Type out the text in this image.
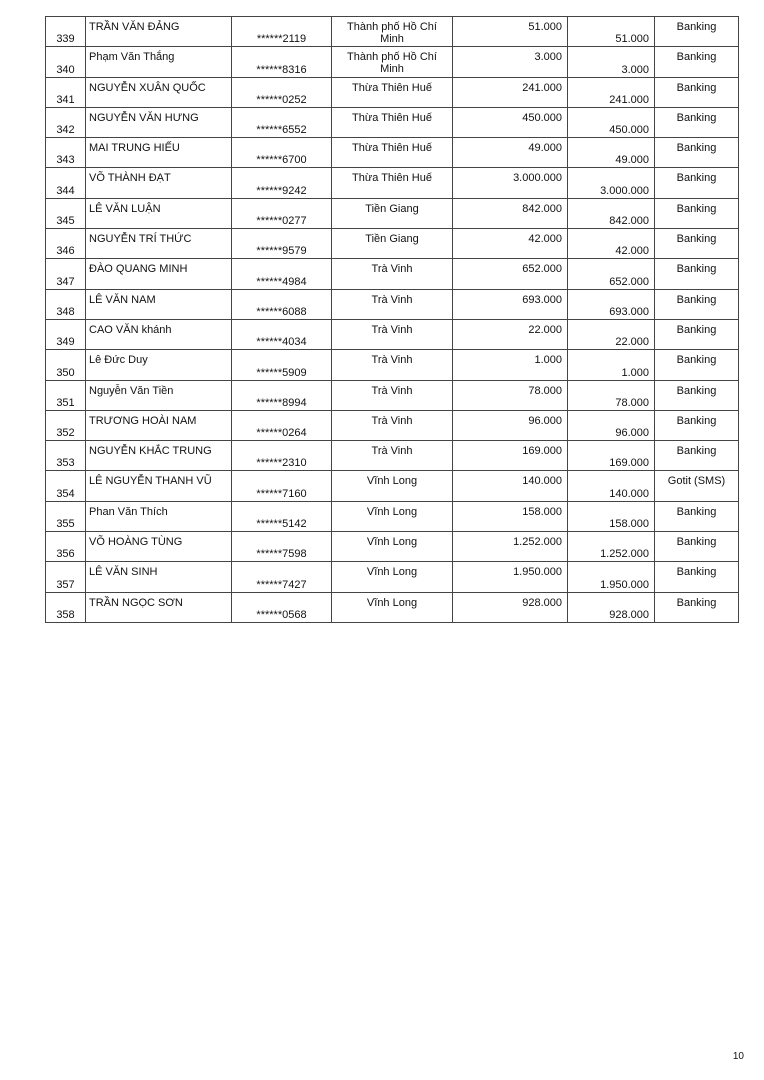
339	TRẦN VĂN ĐẢNG	******2119	Thành phố Hồ Chí Minh	51.000	51.000	Banking
340	Phạm Văn Thắng	******8316	Thành phố Hồ Chí Minh	3.000	3.000	Banking
341	NGUYỄN XUÂN QUỐC	******0252	Thừa Thiên Huế	241.000	241.000	Banking
342	NGUYỄN VĂN HƯNG	******6552	Thừa Thiên Huế	450.000	450.000	Banking
343	MAI TRUNG HIẾU	******6700	Thừa Thiên Huế	49.000	49.000	Banking
344	VÕ THÀNH ĐẠT	******9242	Thừa Thiên Huế	3.000.000	3.000.000	Banking
345	LÊ VĂN LUẬN	******0277	Tiền Giang	842.000	842.000	Banking
346	NGUYỄN TRÍ THỨC	******9579	Tiền Giang	42.000	42.000	Banking
347	ĐÀO QUANG MINH	******4984	Trà Vinh	652.000	652.000	Banking
348	LÊ VĂN NAM	******6088	Trà Vinh	693.000	693.000	Banking
349	CAO VĂN khánh	******4034	Trà Vinh	22.000	22.000	Banking
350	Lê Đức Duy	******5909	Trà Vinh	1.000	1.000	Banking
351	Nguyễn Văn Tiền	******8994	Trà Vinh	78.000	78.000	Banking
352	TRƯƠNG HOÀI NAM	******0264	Trà Vinh	96.000	96.000	Banking
353	NGUYỄN KHẮC TRUNG	******2310	Trà Vinh	169.000	169.000	Banking
354	LÊ NGUYỄN THANH VŨ	******7160	Vĩnh Long	140.000	140.000	Gotit (SMS)
355	Phan Văn Thích	******5142	Vĩnh Long	158.000	158.000	Banking
356	VÕ HOÀNG TÙNG	******7598	Vĩnh Long	1.252.000	1.252.000	Banking
357	LÊ VĂN SINH	******7427	Vĩnh Long	1.950.000	1.950.000	Banking
358	TRẦN NGỌC SƠN	******0568	Vĩnh Long	928.000	928.000	Banking
10
